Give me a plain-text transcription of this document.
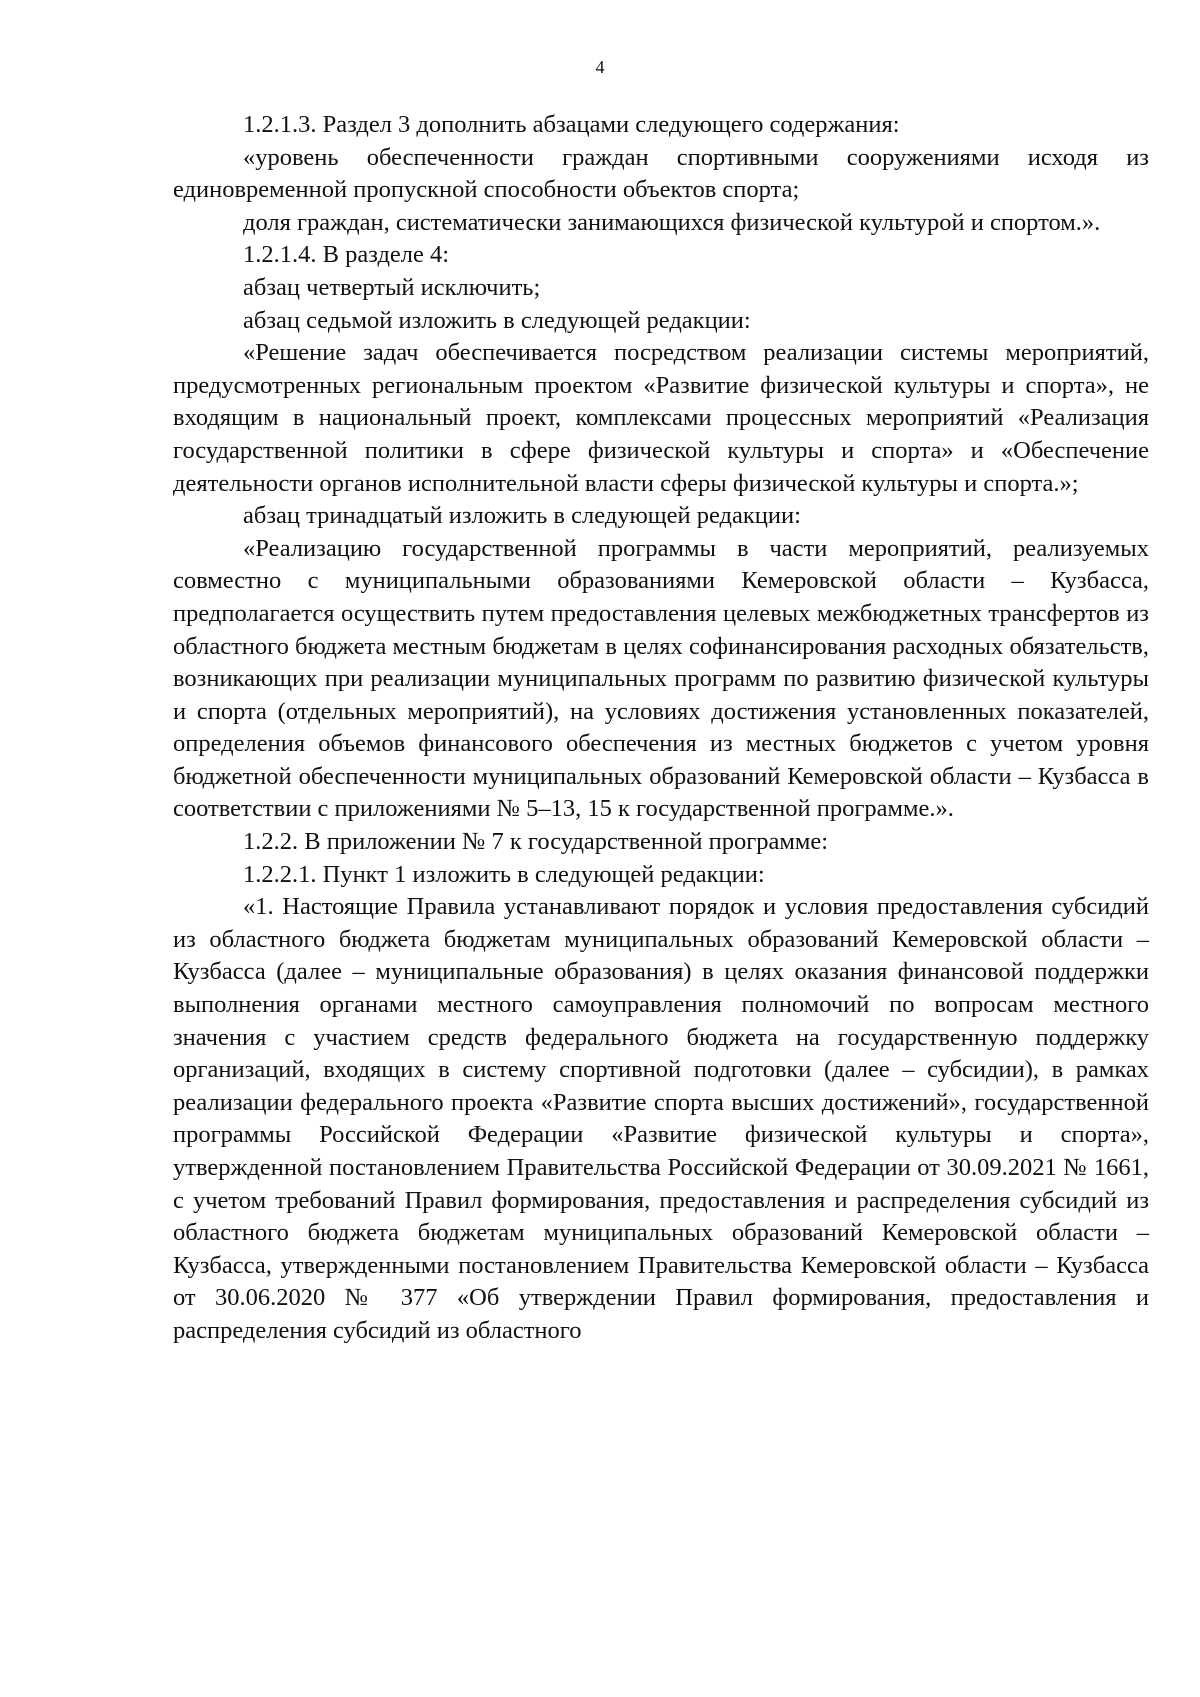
4

1.2.1.3. Раздел 3 дополнить абзацами следующего содержания:

«уровень обеспеченности граждан спортивными сооружениями исходя из единовременной пропускной способности объектов спорта;

доля граждан, систематически занимающихся физической культурой и спортом.».

1.2.1.4. В разделе 4:

абзац четвертый исключить;

абзац седьмой изложить в следующей редакции:

«Решение задач обеспечивается посредством реализации системы мероприятий, предусмотренных региональным проектом «Развитие физической культуры и спорта», не входящим в национальный проект, комплексами процессных мероприятий «Реализация государственной политики в сфере физической культуры и спорта» и «Обеспечение деятельности органов исполнительной власти сферы физической культуры и спорта.»;

абзац тринадцатый изложить в следующей редакции:

«Реализацию государственной программы в части мероприятий, реализуемых совместно с муниципальными образованиями Кемеровской области – Кузбасса, предполагается осуществить путем предоставления целевых межбюджетных трансфертов из областного бюджета местным бюджетам в целях софинансирования расходных обязательств, возникающих при реализации муниципальных программ по развитию физической культуры и спорта (отдельных мероприятий), на условиях достижения установленных показателей, определения объемов финансового обеспечения из местных бюджетов с учетом уровня бюджетной обеспеченности муниципальных образований Кемеровской области – Кузбасса в соответствии с приложениями № 5–13, 15 к государственной программе.».

1.2.2. В приложении № 7 к государственной программе:

1.2.2.1. Пункт 1 изложить в следующей редакции:

«1. Настоящие Правила устанавливают порядок и условия предоставления субсидий из областного бюджета бюджетам муниципальных образований Кемеровской области – Кузбасса (далее – муниципальные образования) в целях оказания финансовой поддержки выполнения органами местного самоуправления полномочий по вопросам местного значения с участием средств федерального бюджета на государственную поддержку организаций, входящих в систему спортивной подготовки (далее – субсидии), в рамках реализации федерального проекта «Развитие спорта высших достижений», государственной программы Российской Федерации «Развитие физической культуры и спорта», утвержденной постановлением Правительства Российской Федерации от 30.09.2021 № 1661, с учетом требований Правил формирования, предоставления и распределения субсидий из областного бюджета бюджетам муниципальных образований Кемеровской области – Кузбасса, утвержденными постановлением Правительства Кемеровской области – Кузбасса от 30.06.2020 № 377 «Об утверждении Правил формирования, предоставления и распределения субсидий из областного
